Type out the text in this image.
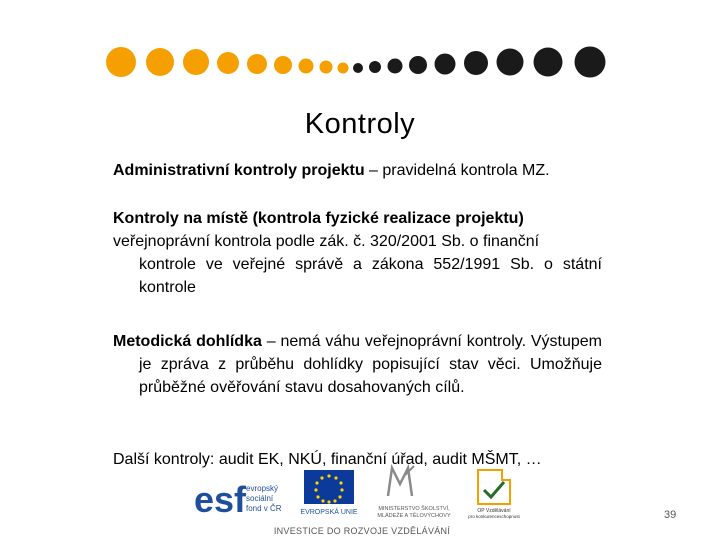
Kontroly

Administrativní kontroly projektu – pravidelná kontrola MZ.

Kontroly na místě (kontrola fyzické realizace projektu)

veřejnoprávní kontrola podle zák. č. 320/2001 Sb. o finanční

kontrole ve veřejné správě a zákona 552/1991 Sb. o státní kontrole

Metodická dohlídka – nemá váhu veřejnoprávní kontroly. Výstupem je zpráva z průběhu dohlídky popisující stav věci. Umožňuje průběžné ověřování stavu dosahovaných cílů.

Další kontroly: audit EK, NKÚ, finanční úřad, audit MŠMT, …

esf evropský
sociální
fond v ČR	EVROPSKÁ UNIE	MINISTERSTVO ŠKOLSTVÍ,
MLÁDEŽE A TĚLOVÝCHOVY
OP Vzdělávání
pro konkurenceschopnost
INVESTICE DO ROZVOJE VZDĚLÁVÁNÍ
39
